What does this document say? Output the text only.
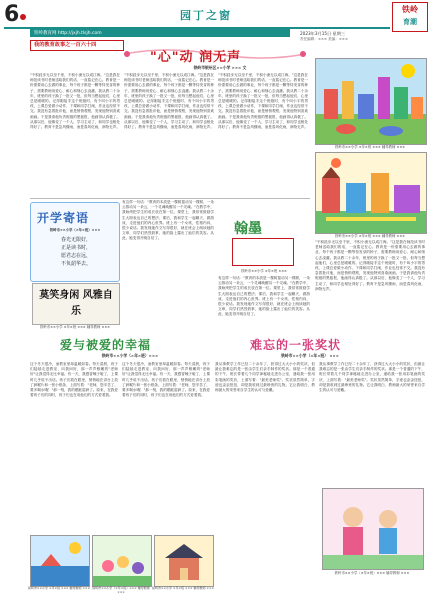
6	园丁之窗	铁岭
育潮
铁岭教育网 http://jxjh.tlsjh.com	2023年3月15日 星期三
责任编辑：××× 美编：×××
我的教育故事之一百六十四
"心"动 润无声
铁岭市银州区××小学 ××× 文
"不积跬步无以至千里，不积小流无以成江海。"这是我在师范读书时老师送给我们的话，一直铭记在心。教育是一份需要用心去做的事业，每个孩子都是一颗等待发芽的种子，需要教师用爱心、耐心和细心去浇灌。我从教二十余年，班里的孩子换了一批又一批，但每当想起他们，心里总是暖暖的。记得刚接手这个班级时，有个叫小宇的男孩，上课总爱做小动作，下课和同学打闹，作业也经常不交。我没有急着批评他，而是悄悄观察，发现他特别喜欢画画。于是我请他负责班级的黑板报，他画得认真极了。从那以后，他像变了一个人，学习主动了，和同学也相处得好了。教育不是急风骤雨，而是春风化雨，润物无声。
"不积跬步无以至千里，不积小流无以成江海。"这是我在师范读书时老师送给我们的话，一直铭记在心。教育是一份需要用心去做的事业，每个孩子都是一颗等待发芽的种子，需要教师用爱心、耐心和细心去浇灌。我从教二十余年，班里的孩子换了一批又一批，但每当想起他们，心里总是暖暖的。记得刚接手这个班级时，有个叫小宇的男孩，上课总爱做小动作，下课和同学打闹，作业也经常不交。我没有急着批评他，而是悄悄观察，发现他特别喜欢画画。于是我请他负责班级的黑板报，他画得认真极了。从那以后，他像变了一个人，学习主动了，和同学也相处得好了。教育不是急风骤雨，而是春风化雨，润物无声。
"不积跬步无以至千里，不积小流无以成江海。"这是我在师范读书时老师送给我们的话，一直铭记在心。教育是一份需要用心去做的事业，每个孩子都是一颗等待发芽的种子，需要教师用爱心、耐心和细心去浇灌。我从教二十余年，班里的孩子换了一批又一批，但每当想起他们，心里总是暖暖的。记得刚接手这个班级时，有个叫小宇的男孩，上课总爱做小动作，下课和同学打闹，作业也经常不交。我没有急着批评他，而是悄悄观察，发现他特别喜欢画画。于是我请他负责班级的黑板报，他画得认真极了。从那以后，他像变了一个人，学习主动了，和同学也相处得好了。教育不是急风骤雨，而是春风化雨，润物无声。
铁岭市××小学 ×年×班 ××× 辅导教师 ×××
铁岭市××小学 ×年×班 ××× 辅导教师 ×××
开学寄语
铁岭市××小学（×年×班）×××
春光无限好，
正是读书时，
愿君志在远，
不负韶华去。
有这样一句话："教育的本质是一棵树摇动另一棵树，一朵云推动另一朵云，一个灵魂唤醒另一个灵魂。"在教学中，我始终把学生的成长放在第一位。课堂上，我常常鼓励学生大胆表达自己的想法；课后，我和学生一起聊天、做游戏，走进他们的内心世界。班上有一个女孩，性格内向，很少说话。我发现她作文写得很好，就在班会上朗读她的文章，同学们热烈鼓掌，她的脸上露出了灿烂的笑容。从此，她变得开朗自信了。
翰墨
铁岭市××小学 ×年×班 ×××
有这样一句话："教育的本质是一棵树摇动另一棵树，一朵云推动另一朵云，一个灵魂唤醒另一个灵魂。"在教学中，我始终把学生的成长放在第一位。课堂上，我常常鼓励学生大胆表达自己的想法；课后，我和学生一起聊天、做游戏，走进他们的内心世界。班上有一个女孩，性格内向，很少说话。我发现她作文写得很好，就在班会上朗读她的文章，同学们热烈鼓掌，她的脸上露出了灿烂的笑容。从此，她变得开朗自信了。
"不积跬步无以至千里，不积小流无以成江海。"这是我在师范读书时老师送给我们的话，一直铭记在心。教育是一份需要用心去做的事业，每个孩子都是一颗等待发芽的种子，需要教师用爱心、耐心和细心去浇灌。我从教二十余年，班里的孩子换了一批又一批，但每当想起他们，心里总是暖暖的。记得刚接手这个班级时，有个叫小宇的男孩，上课总爱做小动作，下课和同学打闹，作业也经常不交。我没有急着批评他，而是悄悄观察，发现他特别喜欢画画。于是我请他负责班级的黑板报，他画得认真极了。从那以后，他像变了一个人，学习主动了，和同学也相处得好了。教育不是急风骤雨，而是春风化雨，润物无声。
莫笑身闲 风雅自乐
铁岭市××小学 ×年×班 ××× 辅导教师 ×××
爱与被爱的幸福
铁岭市××小学（×年×班）×××
这个冬天很冷，而教室里却温暖如春。每天清晨，孩子们陆续走进教室，向我问好，那一声声稚嫩的"老师好"让我觉得无比幸福。有一天，我感冒嗓子哑了，上课时几乎说不出话。孩子们看在眼里，悄悄地在讲台上放了润喉片和一张小纸条，上面写着："老师，您辛苦了，要多喝水哦！"那一刻，我的眼眶湿润了。原来，在我爱着孩子们的同时，孩子们也在用他们的方式爱着我。
这个冬天很冷，而教室里却温暖如春。每天清晨，孩子们陆续走进教室，向我问好，那一声声稚嫩的"老师好"让我觉得无比幸福。有一天，我感冒嗓子哑了，上课时几乎说不出话。孩子们看在眼里，悄悄地在讲台上放了润喉片和一张小纸条，上面写着："老师，您辛苦了，要多喝水哦！"那一刻，我的眼眶湿润了。原来，在我爱着孩子们的同时，孩子们也在用他们的方式爱着我。
难忘的一张奖状
铁岭市××小学（×年×班） ×××
我从事教学工作已经二十余年了，获得过大大小小的奖状，但最让我难忘的是一张由学生们亲手制作的奖状。那是一个普通的下午，班长带着几个同学神秘地走进办公室，递给我一张用彩笔画的奖状，上面写着："最美老师奖"。奖状虽然简单，字迹也歪歪扭扭，却是我收到过最珍贵的礼物。它让我明白，教师最大的荣誉来自学生的认可与爱戴。
我从事教学工作已经二十余年了，获得过大大小小的奖状，但最让我难忘的是一张由学生们亲手制作的奖状。那是一个普通的下午，班长带着几个同学神秘地走进办公室，递给我一张用彩笔画的奖状，上面写着："最美老师奖"。奖状虽然简单，字迹也歪歪扭扭，却是我收到过最珍贵的礼物。它让我明白，教师最大的荣誉来自学生的认可与爱戴。
铁岭市××小学（×年×班）××× 辅导教师 ×××
铁岭市××小学 ×年×班 ××× 辅导教师 ××× 铁岭市××小学（×年×班）××× 辅导教师 ×××
铁岭市××小学 ×年×班 ××× 辅导教师 ×××
